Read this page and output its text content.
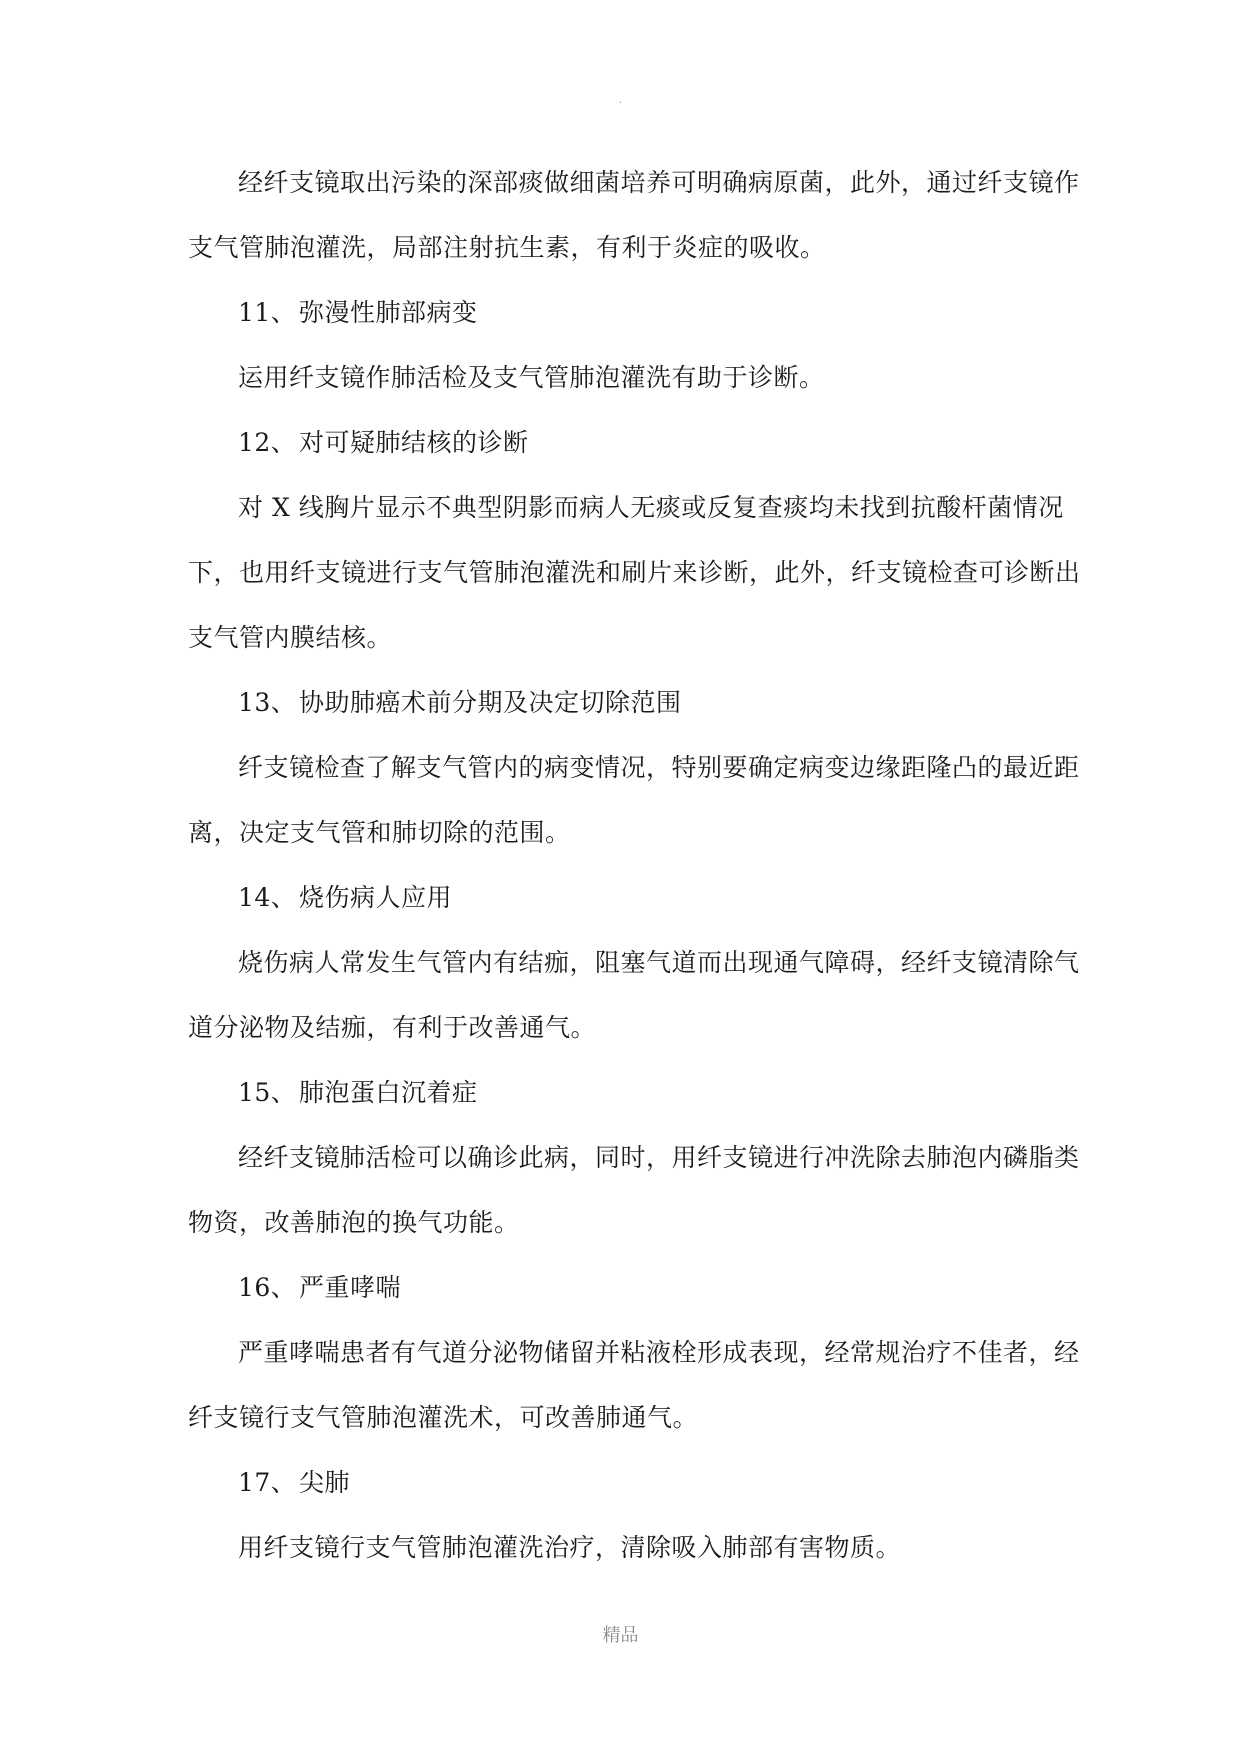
.
经纤支镜取出污染的深部痰做细菌培养可明确病原菌，此外，通过纤支镜作
支气管肺泡灌洗，局部注射抗生素，有利于炎症的吸收。
11、 弥漫性肺部病变
运用纤支镜作肺活检及支气管肺泡灌洗有助于诊断。
12、 对可疑肺结核的诊断
对 X 线胸片显示不典型阴影而病人无痰或反复查痰均未找到抗酸杆菌情况
下，也用纤支镜进行支气管肺泡灌洗和刷片来诊断，此外，纤支镜检查可诊断出
支气管内膜结核。
13、 协助肺癌术前分期及决定切除范围
纤支镜检查了解支气管内的病变情况，特别要确定病变边缘距隆凸的最近距
离，决定支气管和肺切除的范围。
14、 烧伤病人应用
烧伤病人常发生气管内有结痂，阻塞气道而出现通气障碍，经纤支镜清除气
道分泌物及结痂，有利于改善通气。
15、 肺泡蛋白沉着症
经纤支镜肺活检可以确诊此病，同时，用纤支镜进行冲洗除去肺泡内磷脂类
物资，改善肺泡的换气功能。
16、 严重哮喘
严重哮喘患者有气道分泌物储留并粘液栓形成表现，经常规治疗不佳者，经
纤支镜行支气管肺泡灌洗术，可改善肺通气。
17、 尖肺
用纤支镜行支气管肺泡灌洗治疗，清除吸入肺部有害物质。
精品
